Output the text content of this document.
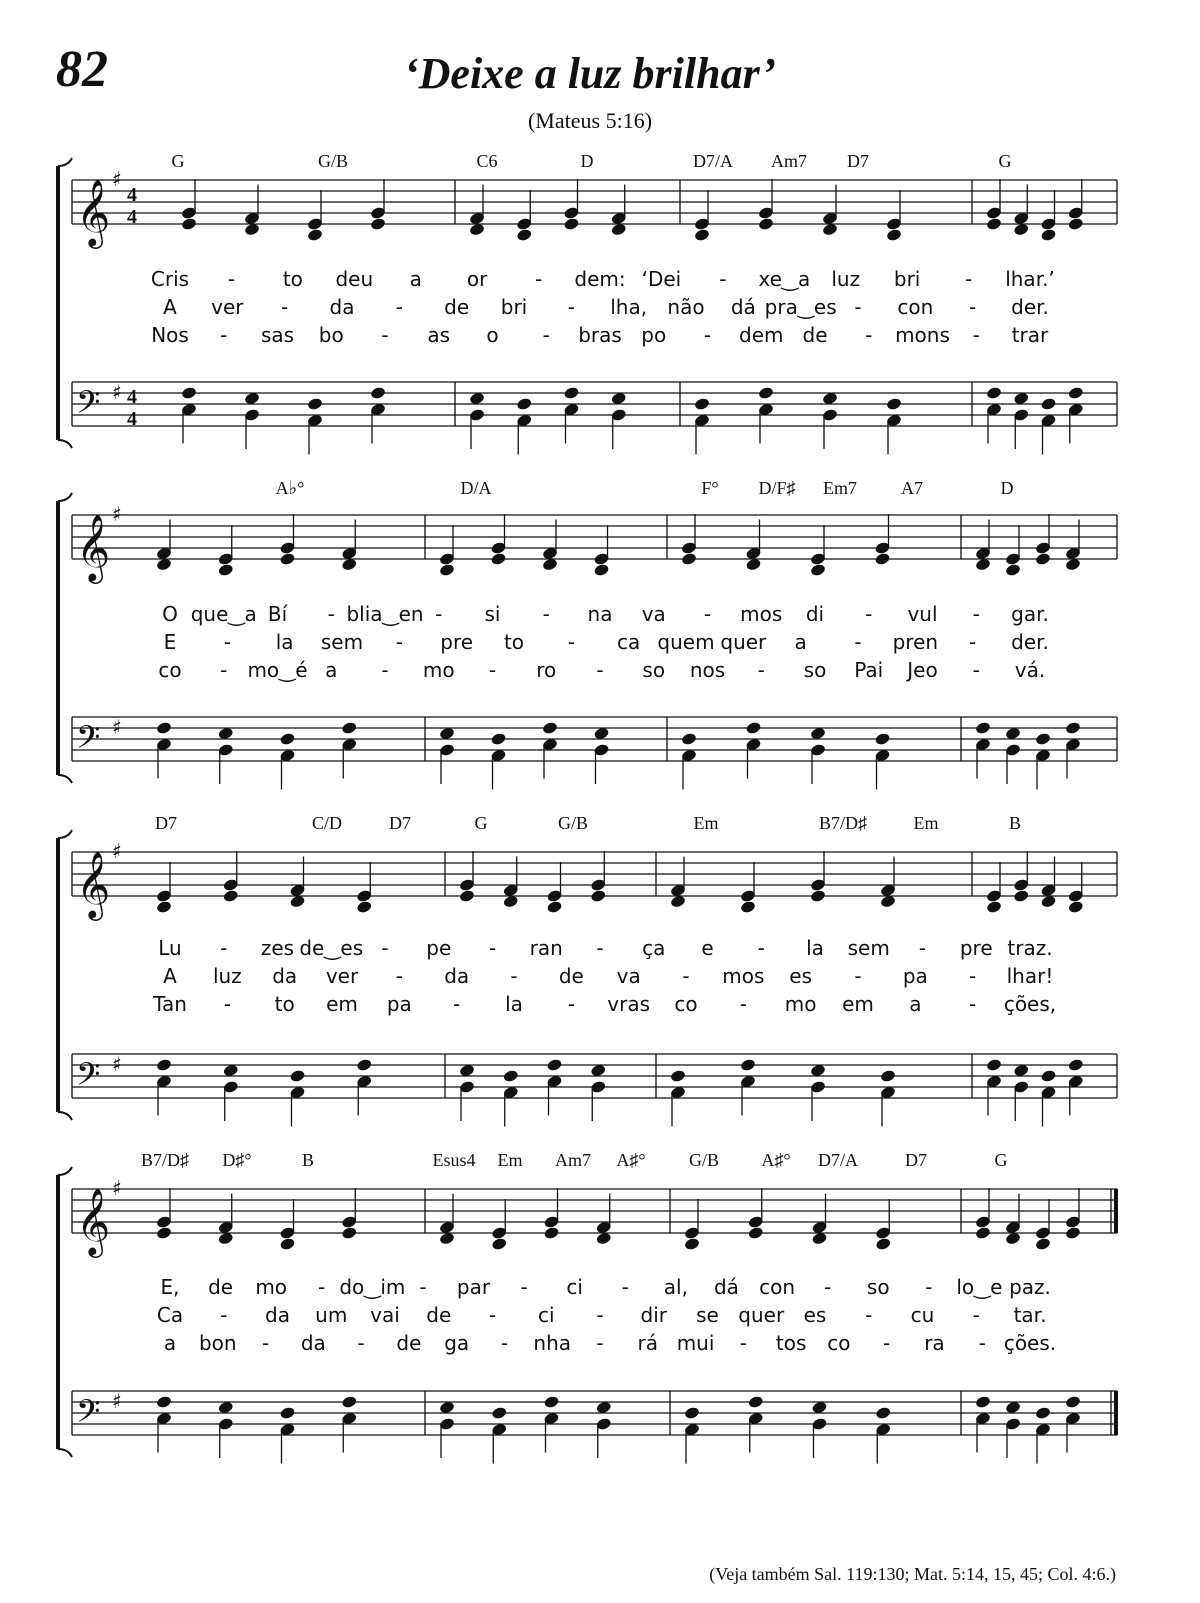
82	‘Deixe a luz brilhar’
(Mateus 5:16)
𝄞 ♯
4
4
𝄢 ♯ 4
4
G	G/B	C6	D	D7/A Am7 D7	G
Cris - to deu a or - dem: ‘Dei - xe‿a luz bri - lhar.’
A ver - da - de bri - lha, não dá pra‿es - con - der.
Nos - sas bo - as o - bras po - dem de - mons - trar
𝄞 ♯
𝄢 ♯
A♭°	D/A	F° D/F♯ Em7 A7	D
O que‿a Bí - blia‿en - si - na va - mos di - vul - gar.
E - la sem - pre to - ca quem quer a - pren - der.
co - mo‿é a - mo - ro - so nos - so Pai Jeo - vá.
𝄞 ♯
𝄢 ♯
D7	C/D	D7	G	G/B	Em	B7/D♯	Em	B
Lu - zes de‿es - pe - ran - ça e - la sem - pre traz.
A luz da ver - da - de va - mos es - pa - lhar!
Tan - to em pa - la - vras co - mo em a - ções,
𝄞 ♯
𝄢 ♯
B7/D♯ D♯°	B	Esus4 Em Am7 A♯° G/B A♯° D7/A	D7	G
E, de mo - do‿im - par - ci - al, dá con - so - lo‿e paz.
Ca - da um vai de - ci - dir se quer es - cu - tar.
a bon - da - de ga - nha - rá mui - tos co - ra - ções.
(Veja também Sal. 119:130; Mat. 5:14, 15, 45; Col. 4:6.)
